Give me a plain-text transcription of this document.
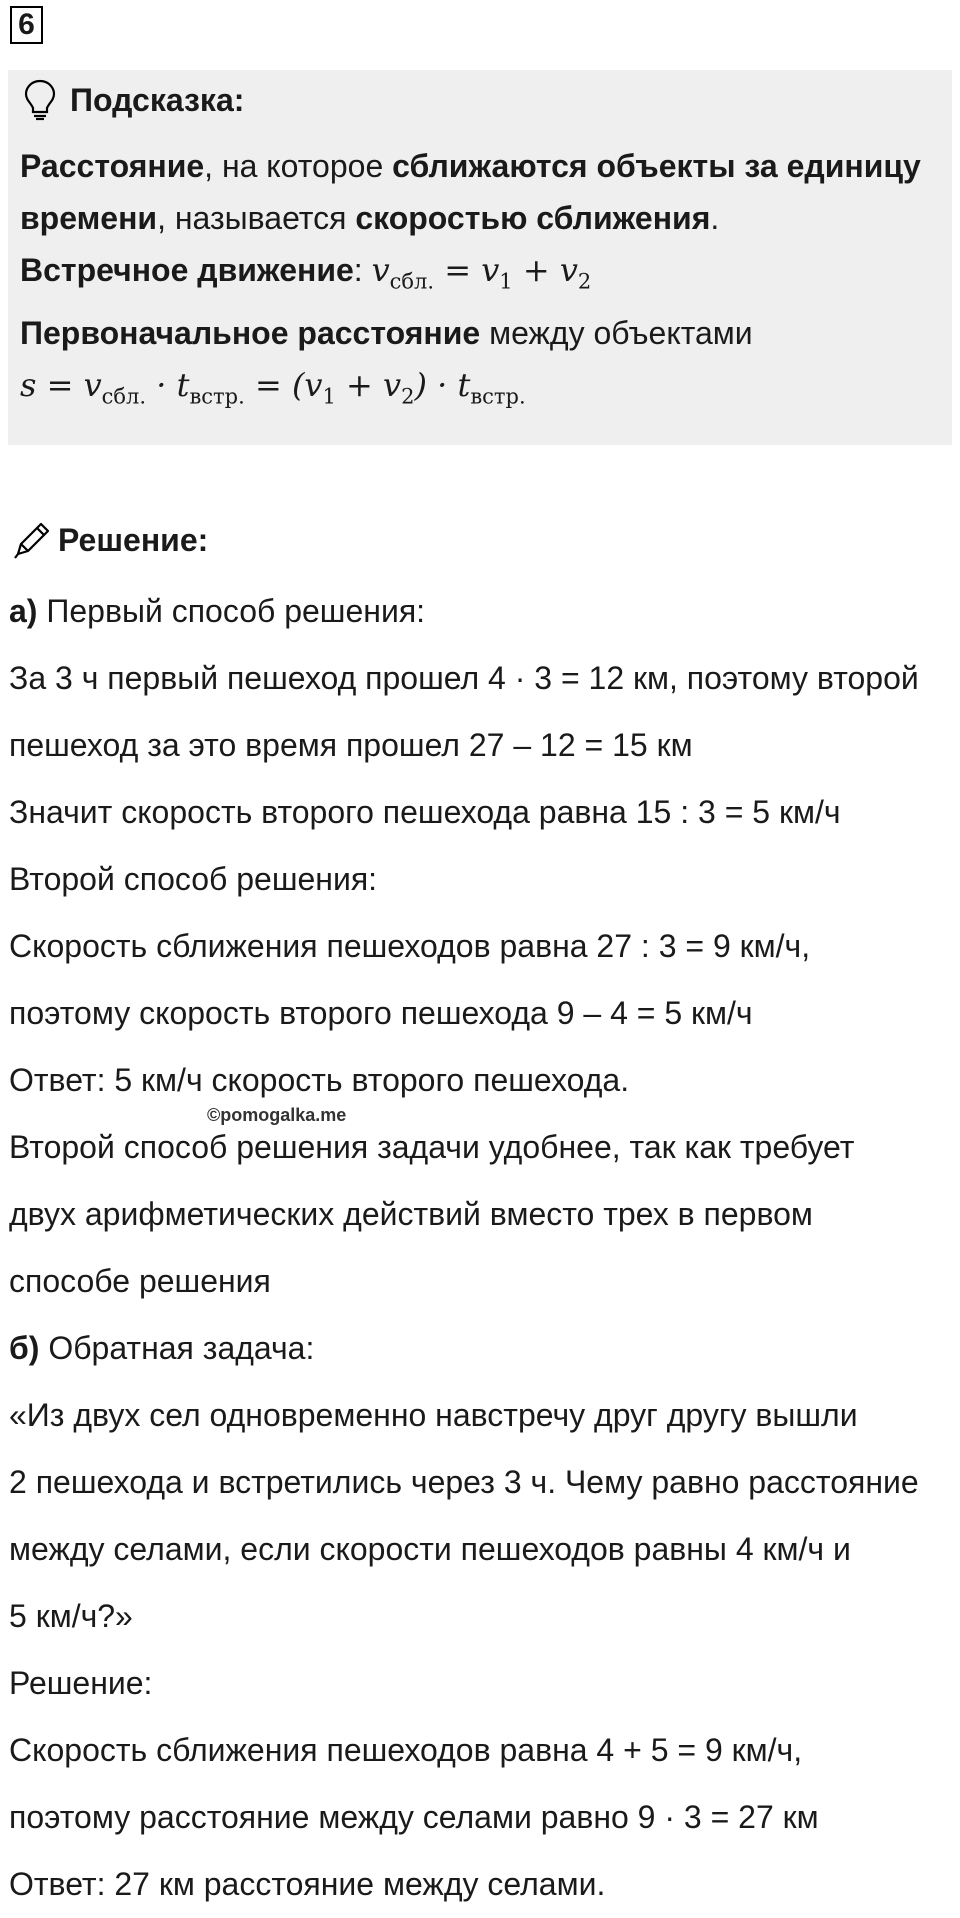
6
Подсказка:
Расстояние, на которое сближаются объекты за единицу
времени, называется скоростью сближения.
Встречное движение: $v_{сбл.} = v_1 + v_2$
Первоначальное расстояние между объектами
$s = v_{сбл.} \cdot t_{встр.} = (v_1 + v_2) \cdot t_{встр.}$
Решение:
а) Первый способ решения:
За 3 ч первый пешеход прошел 4 · 3 = 12 км, поэтому второй
пешеход за это время прошел 27 – 12 = 15 км
Значит скорость второго пешехода равна 15 : 3 = 5 км/ч
Второй способ решения:
Скорость сближения пешеходов равна 27 : 3 = 9 км/ч,
поэтому скорость второго пешехода 9 – 4 = 5 км/ч
Ответ: 5 км/ч скорость второго пешехода.
Второй способ решения задачи удобнее, так как требует
двух арифметических действий вместо трех в первом
способе решения
б) Обратная задача:
«Из двух сел одновременно навстречу друг другу вышли
2 пешехода и встретились через 3 ч. Чему равно расстояние
между селами, если скорости пешеходов равны 4 км/ч и
5 км/ч?»
Решение:
Скорость сближения пешеходов равна 4 + 5 = 9 км/ч,
поэтому расстояние между селами равно 9 · 3 = 27 км
Ответ: 27 км расстояние между селами.
©pomogalka.me
